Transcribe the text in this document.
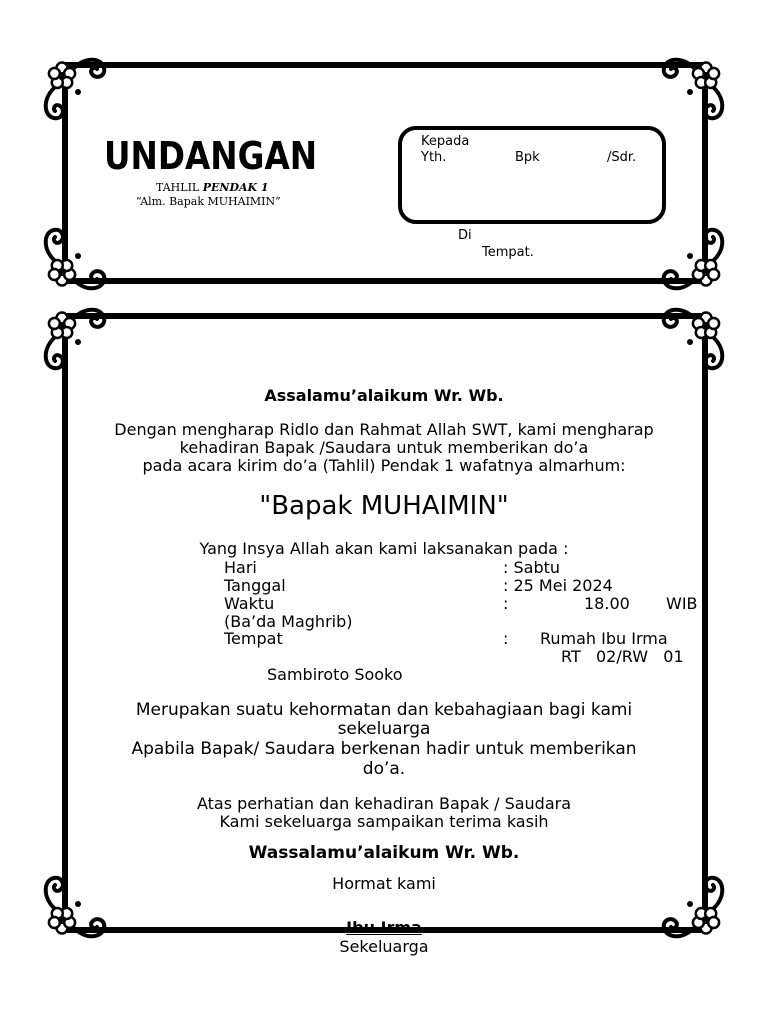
UNDANGAN
TAHLIL PENDAK 1
“Alm. Bapak MUHAIMIN”
Kepada
Yth.	Bpk	/Sdr.
Di
Tempat.
Assalamu’alaikum Wr. Wb.
Dengan mengharap Ridlo dan Rahmat Allah SWT, kami mengharap
kehadiran Bapak /Saudara untuk memberikan do’a
pada acara kirim do’a (Tahlil) Pendak 1 wafatnya almarhum:
"Bapak MUHAIMIN"
Yang Insya Allah akan kami laksanakan pada :
Hari	: Sabtu
Tanggal	: 25 Mei 2024
Waktu	:	18.00 WIB
(Ba’da Maghrib)
Tempat	: Rumah Ibu Irma
RT   02/RW   01
Sambiroto Sooko
Merupakan suatu kehormatan dan kebahagiaan bagi kami
sekeluarga
Apabila Bapak/ Saudara berkenan hadir untuk memberikan
do’a.
Atas perhatian dan kehadiran Bapak / Saudara
Kami sekeluarga sampaikan terima kasih
Wassalamu’alaikum Wr. Wb.
Hormat kami
Ibu Irma
Sekeluarga
